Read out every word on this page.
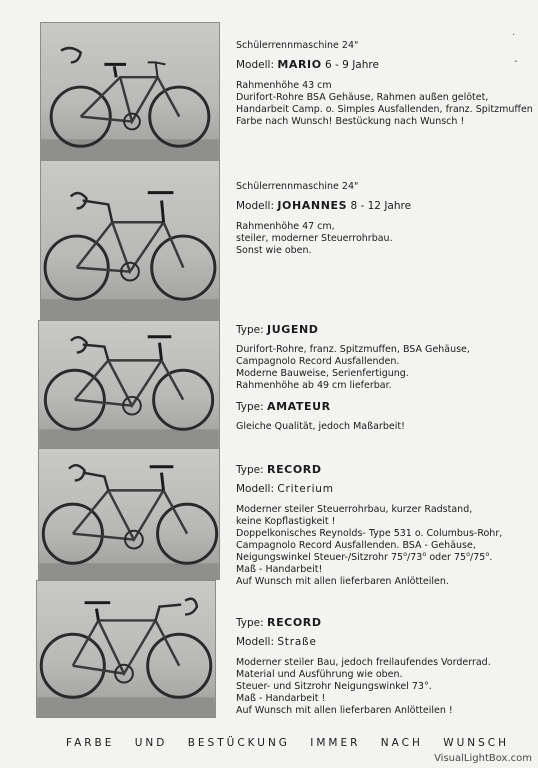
·
-

Schülerrennmaschine 24"

Modell: MARIO 6 - 9 Jahre

Rahmenhöhe 43 cm

Durifort-Rohre BSA Gehäuse, Rahmen außen gelötet,

Handarbeit Camp. o. Simples Ausfallenden, franz. Spitzmuffen

Farbe nach Wunsch! Bestückung nach Wunsch !

Schülerrennmaschine 24"

Modell: JOHANNES 8 - 12 Jahre

Rahmenhöhe 47 cm,

steiler, moderner Steuerrohrbau.

Sonst wie oben.

Type: JUGEND

Durifort-Rohre, franz. Spitzmuffen, BSA Gehäuse,

Campagnolo Record Ausfallenden.

Moderne Bauweise, Serienfertigung.

Rahmenhöhe ab 49 cm lieferbar.

Type: AMATEUR

Gleiche Qualität, jedoch Maßarbeit!

Type: RECORD

Modell: Criterium

Moderner steiler Steuerrohrbau, kurzer Radstand,

keine Kopflastigkeit !

Doppelkonisches Reynolds- Type 531 o. Columbus-Rohr,

Campagnolo Record Ausfallenden. BSA - Gehäuse,

Neigungswinkel Steuer-/Sitzrohr 75$^o$/73$^o$ oder 75$^o$/75$^o$.

Maß - Handarbeit!

Auf Wunsch mit allen lieferbaren Anlötteilen.

Type: RECORD

Modell: Straße

Moderner steiler Bau, jedoch freilaufendes Vorderrad.

Material und Ausführung wie oben.

Steuer- und Sitzrohr Neigungswinkel 73°.

Maß - Handarbeit !

Auf Wunsch mit allen lieferbaren Anlötteilen !

FARBE UND BESTÜCKUNG IMMER NACH WUNSCH
VisualLightBox.com
